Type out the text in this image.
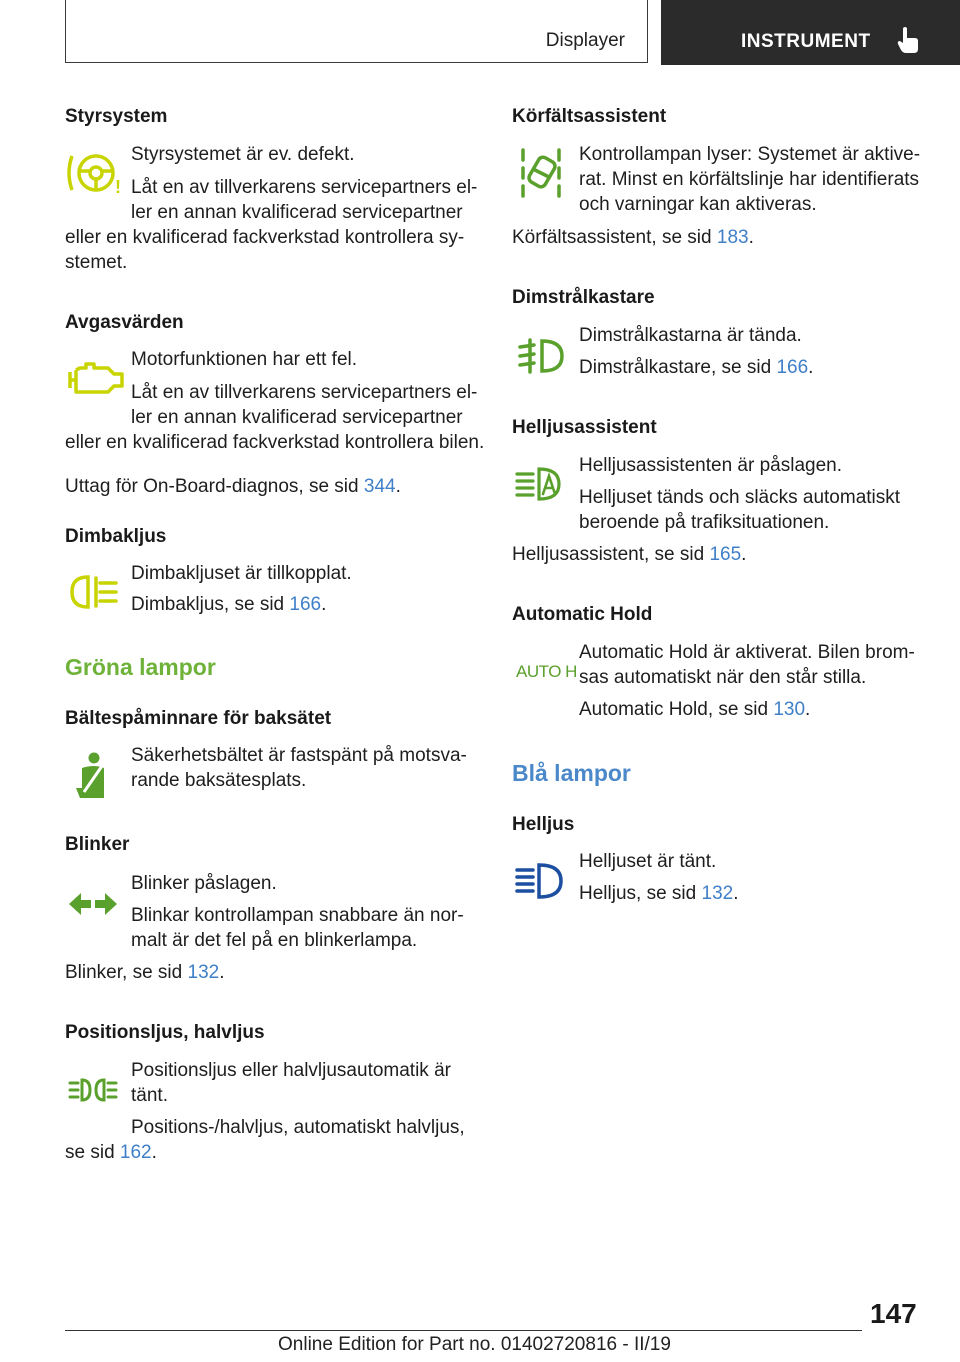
Displayer	INSTRUMENT
Styrsystem
!
Styrsystemet är ev. defekt.
Låt en av tillverkarens servicepartners el-
ler en annan kvalificerad servicepartner
eller en kvalificerad fackverkstad kontrollera sy-
stemet.
Avgasvärden
Motorfunktionen har ett fel.
Låt en av tillverkarens servicepartners el-
ler en annan kvalificerad servicepartner
eller en kvalificerad fackverkstad kontrollera bilen.
Uttag för On-Board-diagnos, se sid 344.
Dimbakljus
Dimbakljuset är tillkopplat.
Dimbakljus, se sid 166.
Gröna lampor
Bältespåminnare för baksätet
Säkerhetsbältet är fastspänt på motsva-
rande baksätesplats.
Blinker
Blinker påslagen.
Blinkar kontrollampan snabbare än nor-
malt är det fel på en blinkerlampa.
Blinker, se sid 132.
Positionsljus, halvljus
Positionsljus eller halvljusautomatik är
tänt.
Positions-/halvljus, automatiskt halvljus,
se sid 162.
Körfältsassistent
Kontrollampan lyser: Systemet är aktive-
rat. Minst en körfältslinje har identifierats
och varningar kan aktiveras.
Körfältsassistent, se sid 183.
Dimstrålkastare
Dimstrålkastarna är tända.
Dimstrålkastare, se sid 166.
Helljusassistent
Helljusassistenten är påslagen.
Helljuset tänds och släcks automatiskt
beroende på trafiksituationen.
Helljusassistent, se sid 165.
Automatic Hold
AUTO H
Automatic Hold är aktiverat. Bilen brom-
sas automatiskt när den står stilla.
Automatic Hold, se sid 130.
Blå lampor
Helljus
Helljuset är tänt.
Helljus, se sid 132.
147
Online Edition for Part no. 01402720816 - II/19
